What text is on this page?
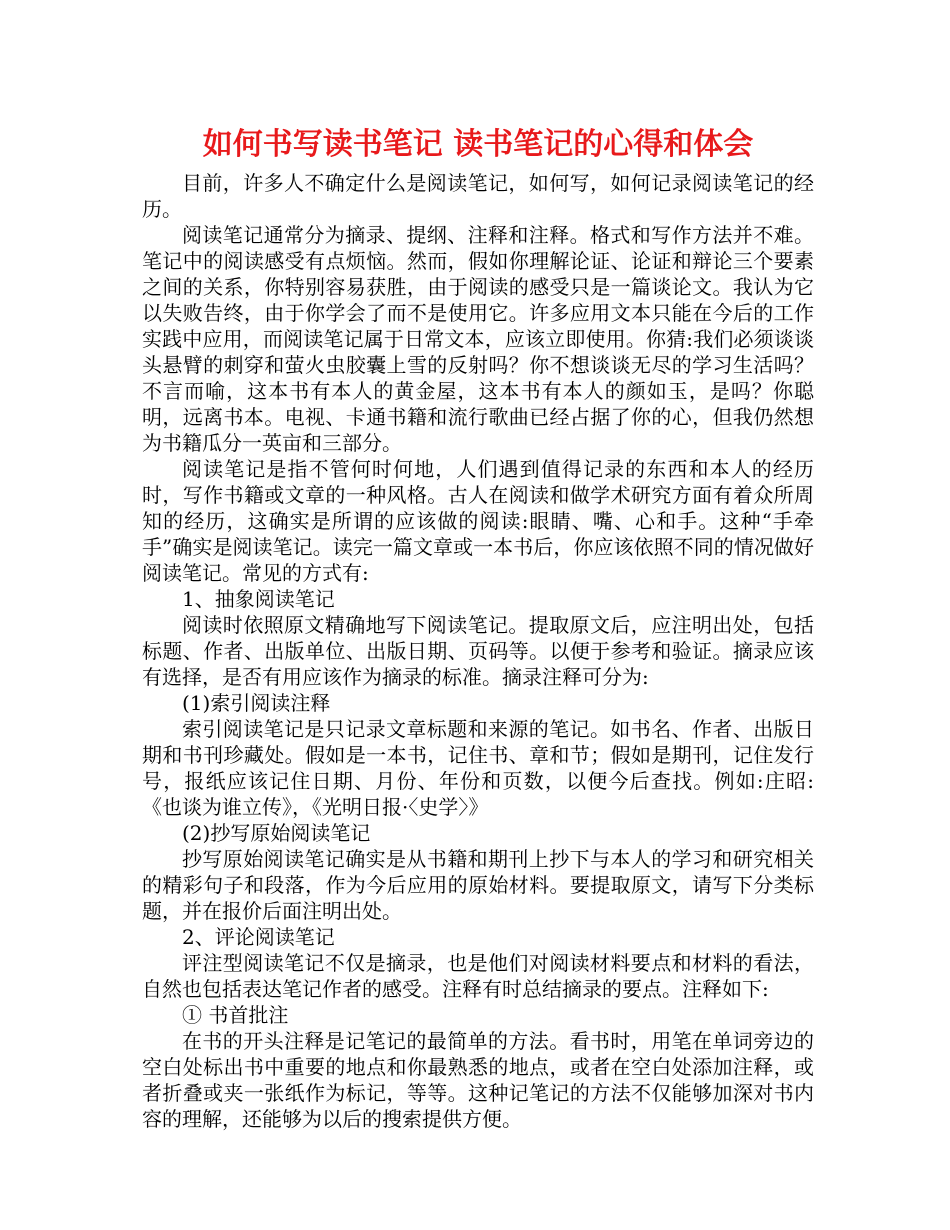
如何书写读书笔记 读书笔记的心得和体会

目前，许多人不确定什么是阅读笔记，如何写，如何记录阅读笔记的经历。

阅读笔记通常分为摘录、提纲、注释和注释。格式和写作方法并不难。笔记中的阅读感受有点烦恼。然而，假如你理解论证、论证和辩论三个要素之间的关系，你特别容易获胜，由于阅读的感受只是一篇谈论文。我认为它以失败告终，由于你学会了而不是使用它。许多应用文本只能在今后的工作实践中应用，而阅读笔记属于日常文本，应该立即使用。你猜:我们必须谈谈头悬臂的刺穿和萤火虫胶囊上雪的反射吗？你不想谈谈无尽的学习生活吗？不言而喻，这本书有本人的黄金屋，这本书有本人的颜如玉，是吗？你聪明，远离书本。电视、卡通书籍和流行歌曲已经占据了你的心，但我仍然想为书籍瓜分一英亩和三部分。

阅读笔记是指不管何时何地，人们遇到值得记录的东西和本人的经历时，写作书籍或文章的一种风格。古人在阅读和做学术研究方面有着众所周知的经历，这确实是所谓的应该做的阅读:眼睛、嘴、心和手。这种“手牵手”确实是阅读笔记。读完一篇文章或一本书后，你应该依照不同的情况做好阅读笔记。常见的方式有:

1、抽象阅读笔记

阅读时依照原文精确地写下阅读笔记。提取原文后，应注明出处，包括标题、作者、出版单位、出版日期、页码等。以便于参考和验证。摘录应该有选择，是否有用应该作为摘录的标准。摘录注释可分为:

(1)索引阅读注释

索引阅读笔记是只记录文章标题和来源的笔记。如书名、作者、出版日期和书刊珍藏处。假如是一本书，记住书、章和节；假如是期刊，记住发行号，报纸应该记住日期、月份、年份和页数，以便今后查找。例如:庄昭:《也谈为谁立传》，《光明日报·〈史学〉》

(2)抄写原始阅读笔记

抄写原始阅读笔记确实是从书籍和期刊上抄下与本人的学习和研究相关的精彩句子和段落，作为今后应用的原始材料。要提取原文，请写下分类标题，并在报价后面注明出处。

2、评论阅读笔记

评注型阅读笔记不仅是摘录，也是他们对阅读材料要点和材料的看法，自然也包括表达笔记作者的感受。注释有时总结摘录的要点。注释如下:

① 书首批注

在书的开头注释是记笔记的最简单的方法。看书时，用笔在单词旁边的空白处标出书中重要的地点和你最熟悉的地点，或者在空白处添加注释，或者折叠或夹一张纸作为标记，等等。这种记笔记的方法不仅能够加深对书内容的理解，还能够为以后的搜索提供方便。
